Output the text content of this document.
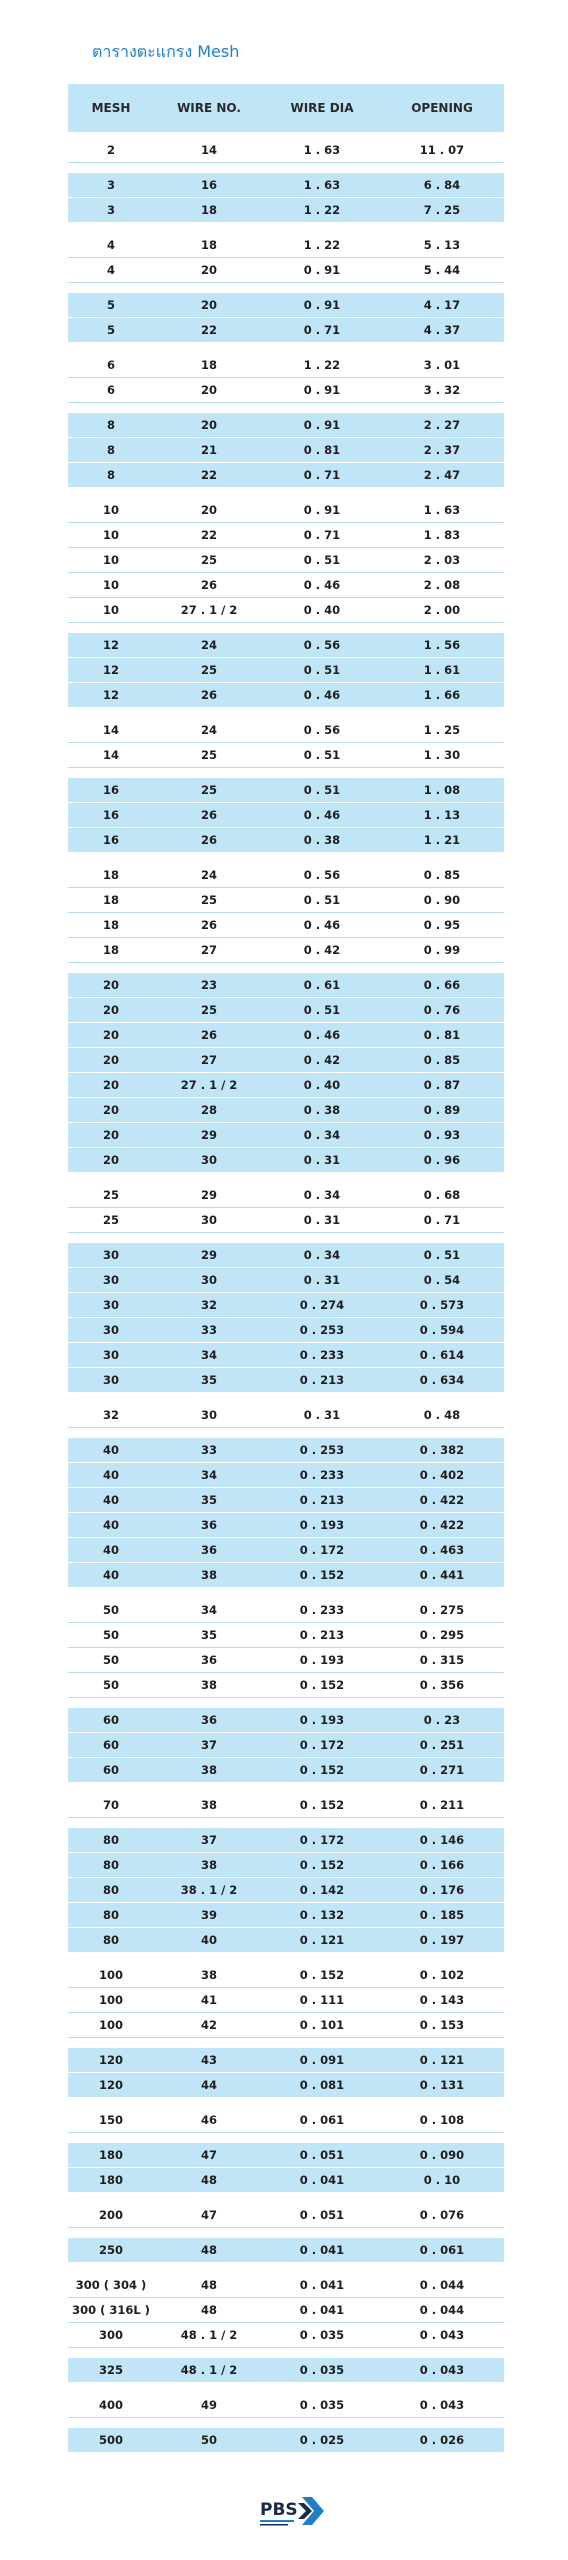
ตารางตะแกรง Mesh
MESH	WIRE NO.	WIRE DIA	OPENING
2	14	1 . 63	11 . 07
3	16	1 . 63	6 . 84
3	18	1 . 22	7 . 25
4	18	1 . 22	5 . 13
4	20	0 . 91	5 . 44
5	20	0 . 91	4 . 17
5	22	0 . 71	4 . 37
6	18	1 . 22	3 . 01
6	20	0 . 91	3 . 32
8	20	0 . 91	2 . 27
8	21	0 . 81	2 . 37
8	22	0 . 71	2 . 47
10	20	0 . 91	1 . 63
10	22	0 . 71	1 . 83
10	25	0 . 51	2 . 03
10	26	0 . 46	2 . 08
10	27 . 1 / 2	0 . 40	2 . 00
12	24	0 . 56	1 . 56
12	25	0 . 51	1 . 61
12	26	0 . 46	1 . 66
14	24	0 . 56	1 . 25
14	25	0 . 51	1 . 30
16	25	0 . 51	1 . 08
16	26	0 . 46	1 . 13
16	26	0 . 38	1 . 21
18	24	0 . 56	0 . 85
18	25	0 . 51	0 . 90
18	26	0 . 46	0 . 95
18	27	0 . 42	0 . 99
20	23	0 . 61	0 . 66
20	25	0 . 51	0 . 76
20	26	0 . 46	0 . 81
20	27	0 . 42	0 . 85
20	27 . 1 / 2	0 . 40	0 . 87
20	28	0 . 38	0 . 89
20	29	0 . 34	0 . 93
20	30	0 . 31	0 . 96
25	29	0 . 34	0 . 68
25	30	0 . 31	0 . 71
30	29	0 . 34	0 . 51
30	30	0 . 31	0 . 54
30	32	0 . 274	0 . 573
30	33	0 . 253	0 . 594
30	34	0 . 233	0 . 614
30	35	0 . 213	0 . 634
32	30	0 . 31	0 . 48
40	33	0 . 253	0 . 382
40	34	0 . 233	0 . 402
40	35	0 . 213	0 . 422
40	36	0 . 193	0 . 422
40	36	0 . 172	0 . 463
40	38	0 . 152	0 . 441
50	34	0 . 233	0 . 275
50	35	0 . 213	0 . 295
50	36	0 . 193	0 . 315
50	38	0 . 152	0 . 356
60	36	0 . 193	0 . 23
60	37	0 . 172	0 . 251
60	38	0 . 152	0 . 271
70	38	0 . 152	0 . 211
80	37	0 . 172	0 . 146
80	38	0 . 152	0 . 166
80	38 . 1 / 2	0 . 142	0 . 176
80	39	0 . 132	0 . 185
80	40	0 . 121	0 . 197
100	38	0 . 152	0 . 102
100	41	0 . 111	0 . 143
100	42	0 . 101	0 . 153
120	43	0 . 091	0 . 121
120	44	0 . 081	0 . 131
150	46	0 . 061	0 . 108
180	47	0 . 051	0 . 090
180	48	0 . 041	0 . 10
200	47	0 . 051	0 . 076
250	48	0 . 041	0 . 061
300 ( 304 )	48	0 . 041	0 . 044
300 ( 316L )	48	0 . 041	0 . 044
300	48 . 1 / 2	0 . 035	0 . 043
325	48 . 1 / 2	0 . 035	0 . 043
400	49	0 . 035	0 . 043
500	50	0 . 025	0 . 026
PBS
